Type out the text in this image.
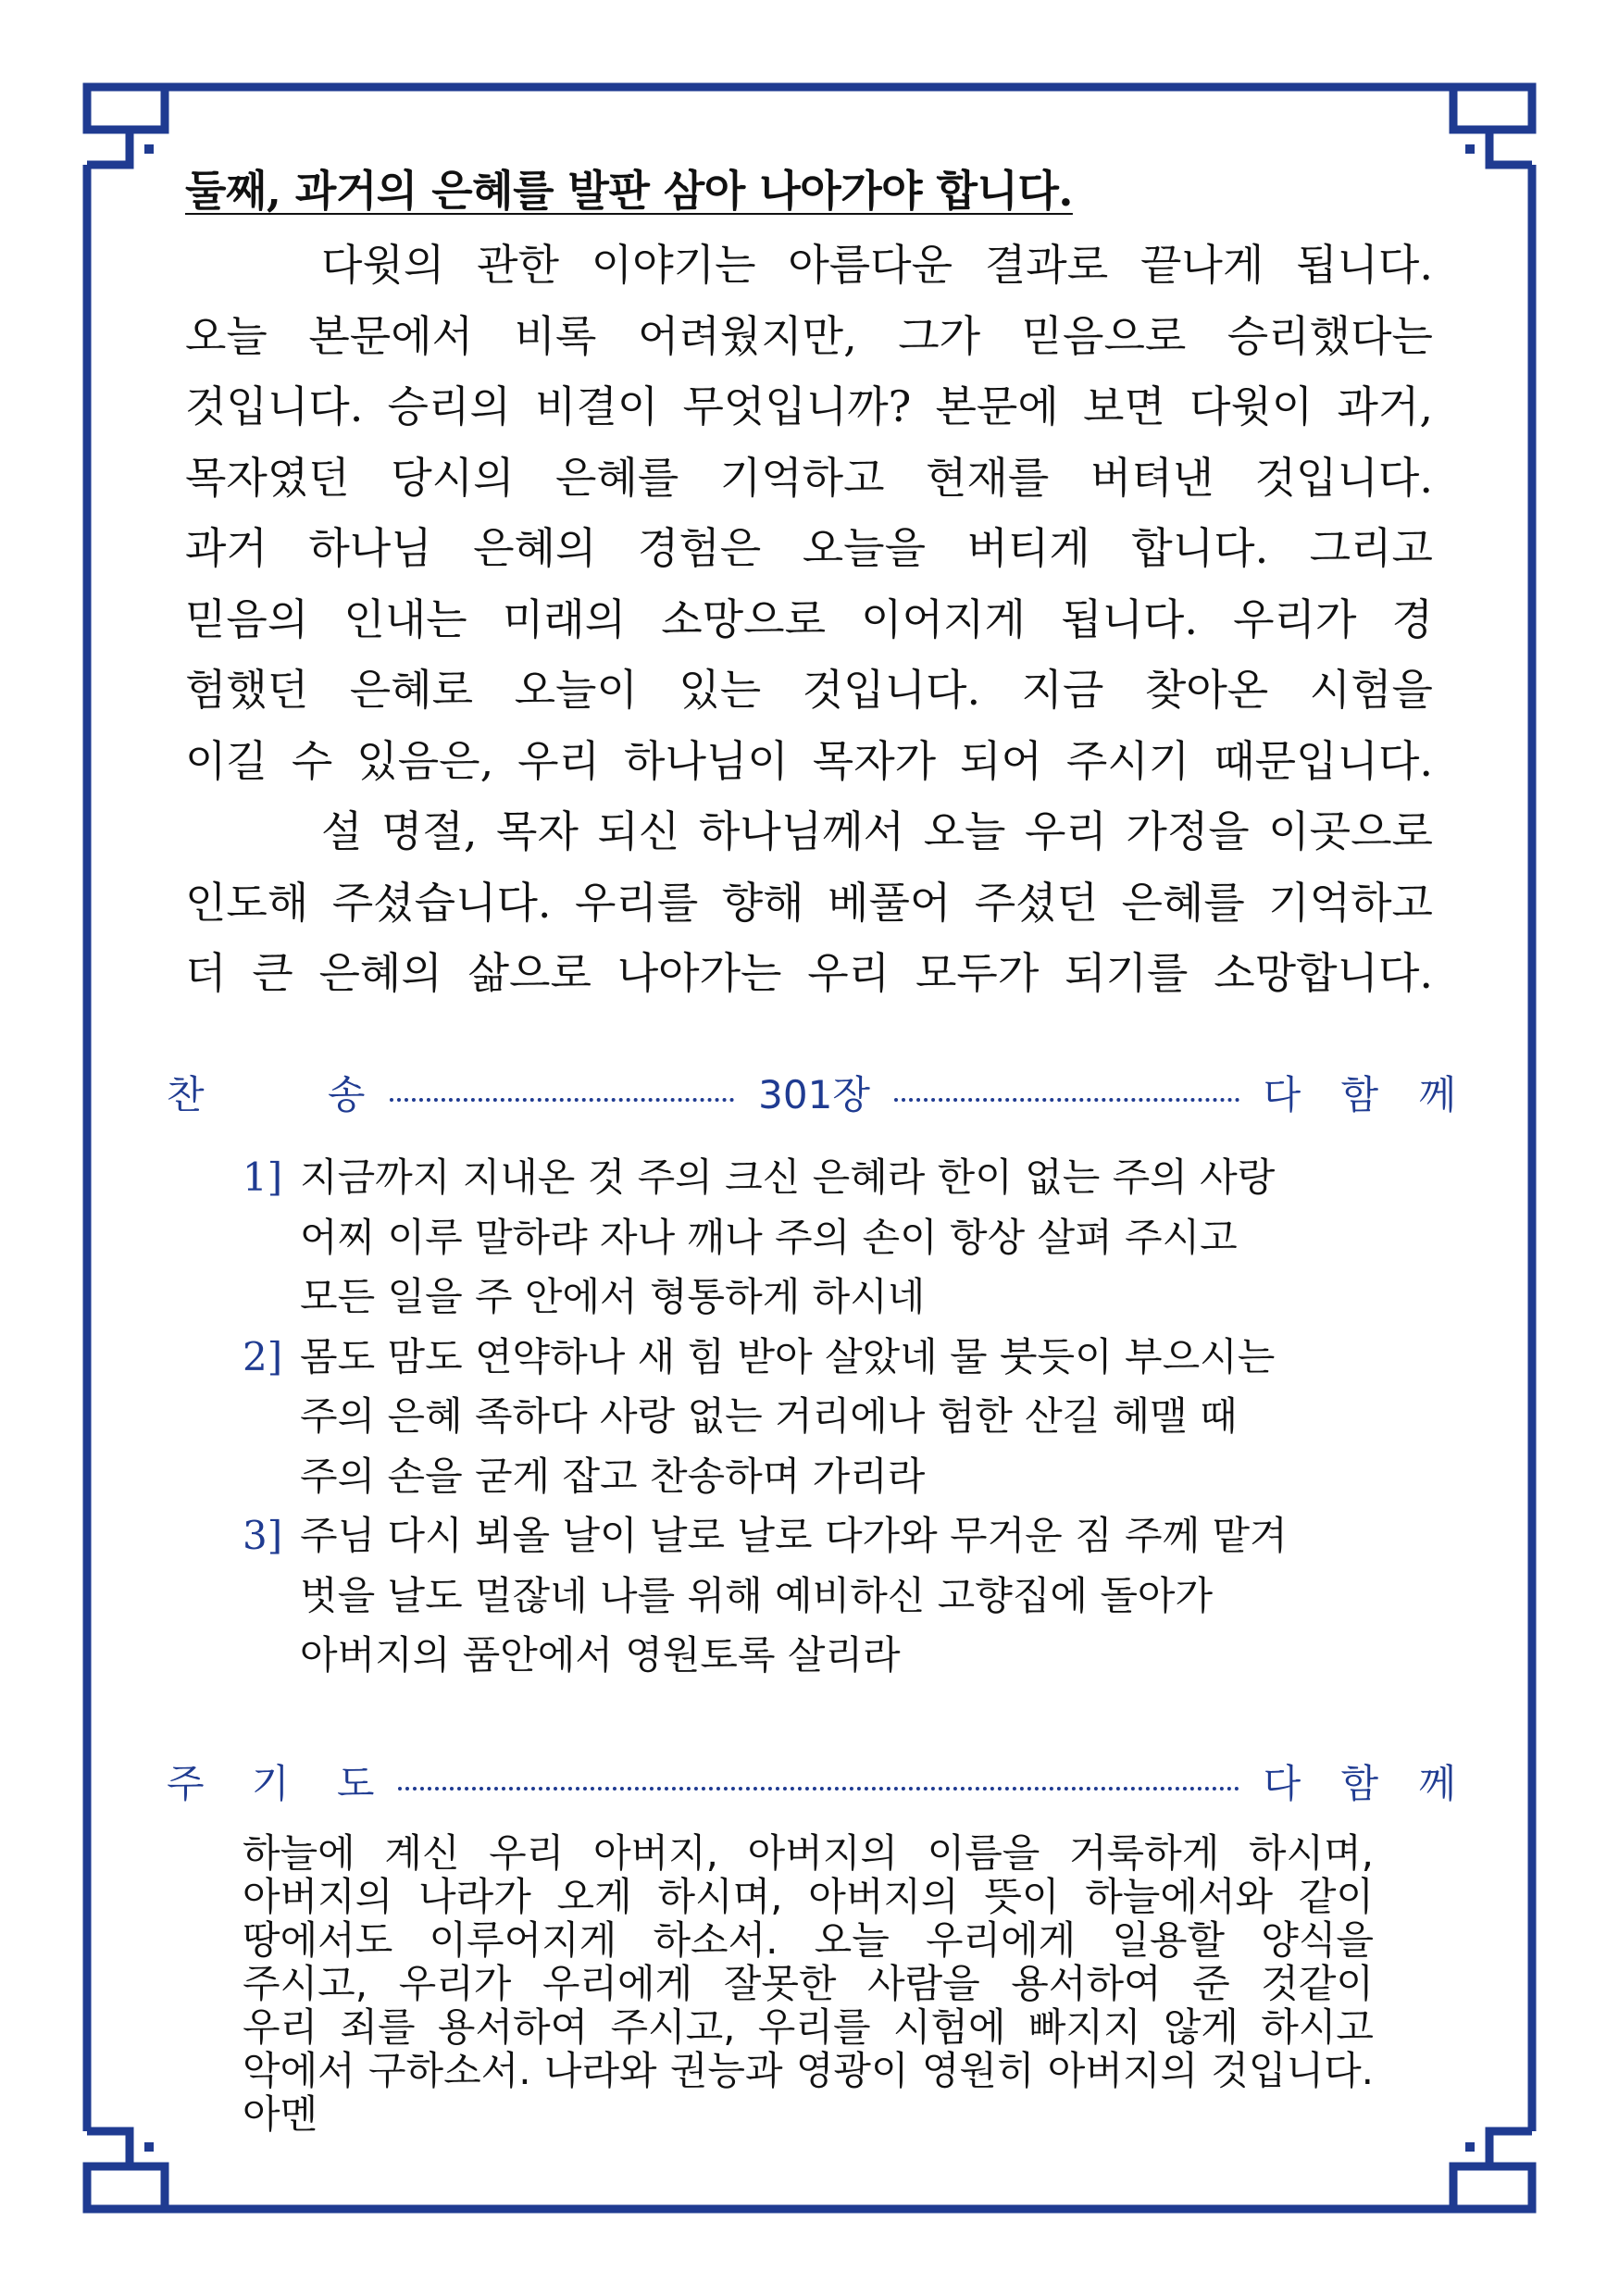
둘째, 과거의 은혜를 발판 삼아 나아가야 합니다.

다윗의 관한 이야기는 아름다운 결과로 끝나게 됩니다.오늘 본문에서 비록 어려웠지만, 그가 믿음으로 승리했다는것입니다. 승리의 비결이 무엇입니까? 본문에 보면 다윗이 과거,목자였던 당시의 은혜를 기억하고 현재를 버텨낸 것입니다.과거 하나님 은혜의 경험은 오늘을 버티게 합니다. 그리고믿음의 인내는 미래의 소망으로 이어지게 됩니다. 우리가 경험했던 은혜로 오늘이 있는 것입니다. 지금 찾아온 시험을이길 수 있음은, 우리 하나님이 목자가 되어 주시기 때문입니다.

설 명절, 목자 되신 하나님께서 오늘 우리 가정을 이곳으로인도해 주셨습니다. 우리를 향해 베풀어 주셨던 은혜를 기억하고더 큰 은혜의 삶으로 나아가는 우리 모두가 되기를 소망합니다.

찬 송	301장	다 함 께
1] 지금까지 지내온 것 주의 크신 은혜라 한이 없는 주의 사랑
어찌 이루 말하랴 자나 깨나 주의 손이 항상 살펴 주시고
모든 일을 주 안에서 형통하게 하시네
2] 몸도 맘도 연약하나 새 힘 받아 살았네 물 붓듯이 부으시는
주의 은혜 족하다 사랑 없는 거리에나 험한 산길 헤맬 때
주의 손을 굳게 잡고 찬송하며 가리라
3] 주님 다시 뵈올 날이 날로 날로 다가와 무거운 짐 주께 맡겨
벗을 날도 멀잖네 나를 위해 예비하신 고향집에 돌아가
아버지의 품안에서 영원토록 살리라
주 기 도	다 함 께

하늘에 계신 우리 아버지, 아버지의 이름을 거룩하게 하시며,

아버지의 나라가 오게 하시며, 아버지의 뜻이 하늘에서와 같이

땅에서도 이루어지게 하소서. 오늘 우리에게 일용할 양식을

주시고, 우리가 우리에게 잘못한 사람을 용서하여 준 것같이

우리 죄를 용서하여 주시고, 우리를 시험에 빠지지 않게 하시고

악에서 구하소서. 나라와 권능과 영광이 영원히 아버지의 것입니다.

아멘
